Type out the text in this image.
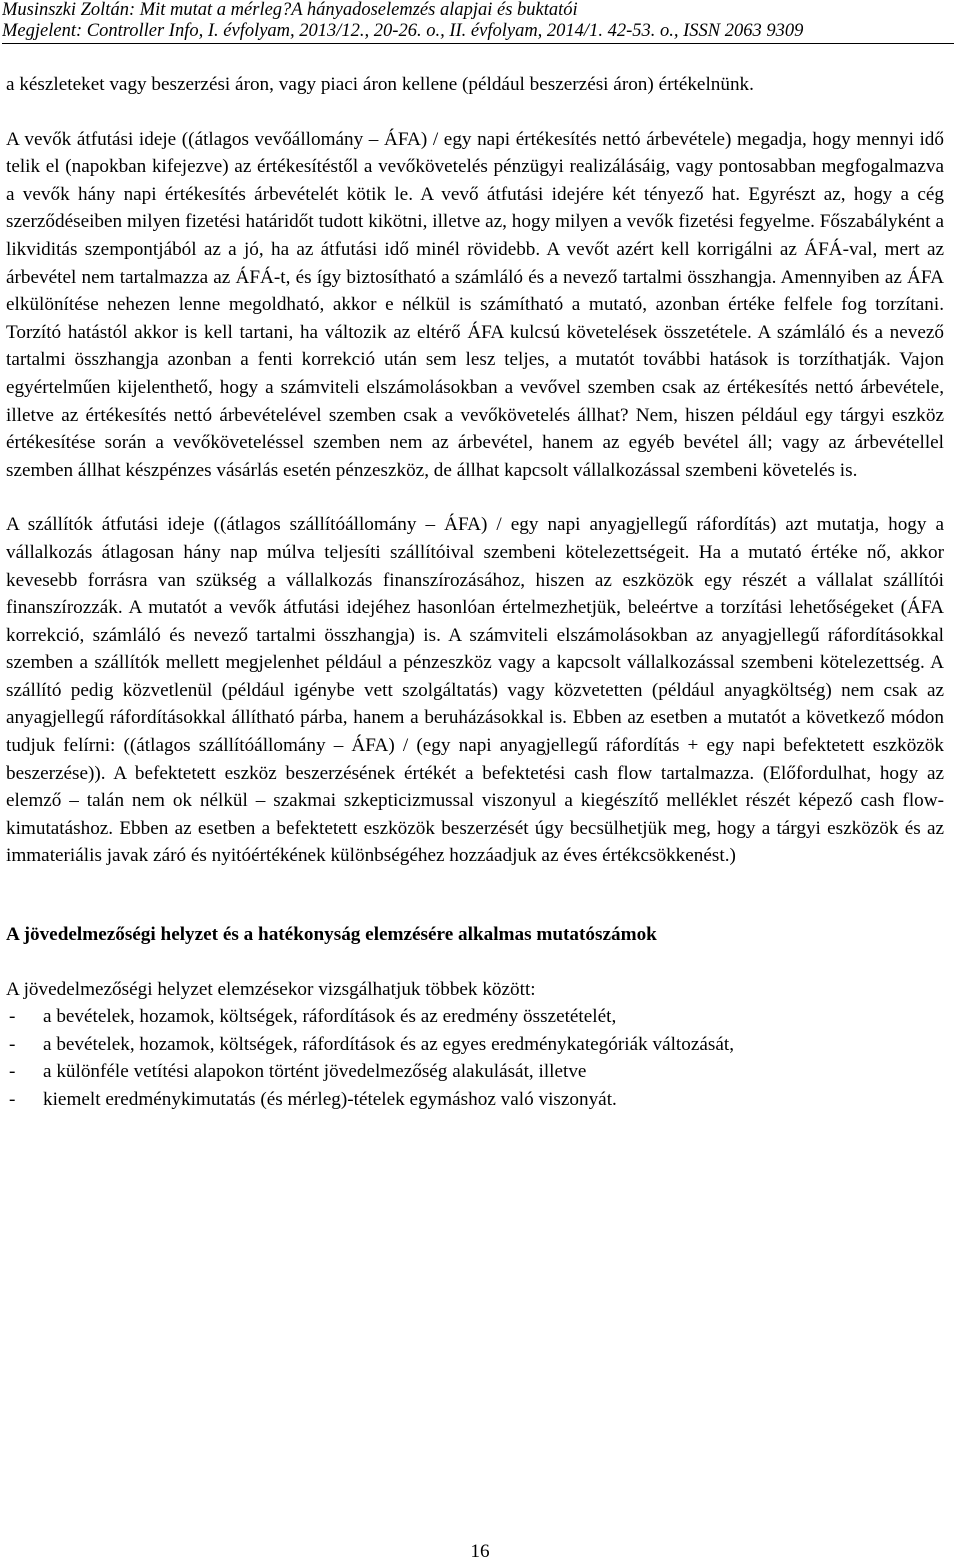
Musinszki Zoltán: Mit mutat a mérleg?A hányadoselemzés alapjai és buktatói
Megjelent: Controller Info, I. évfolyam, 2013/12., 20-26. o., II. évfolyam, 2014/1. 42-53. o., ISSN 2063 9309

a készleteket vagy beszerzési áron, vagy piaci áron kellene (például beszerzési áron) értékelnünk.

A vevők átfutási ideje ((átlagos vevőállomány – ÁFA) / egy napi értékesítés nettó árbevétele) megadja, hogy mennyi idő telik el (napokban kifejezve) az értékesítéstől a vevőkövetelés pénzügyi realizálásáig, vagy pontosabban megfogalmazva a vevők hány napi értékesítés árbevételét kötik le. A vevő átfutási idejére két tényező hat. Egyrészt az, hogy a cég szerződéseiben milyen fizetési határidőt tudott kikötni, illetve az, hogy milyen a vevők fizetési fegyelme. Főszabályként a likviditás szempontjából az a jó, ha az átfutási idő minél rövidebb. A vevőt azért kell korrigálni az ÁFÁ-val, mert az árbevétel nem tartalmazza az ÁFÁ-t, és így biztosítható a számláló és a nevező tartalmi összhangja. Amennyiben az ÁFA elkülönítése nehezen lenne megoldható, akkor e nélkül is számítható a mutató, azonban értéke felfele fog torzítani. Torzító hatástól akkor is kell tartani, ha változik az eltérő ÁFA kulcsú követelések összetétele. A számláló és a nevező tartalmi összhangja azonban a fenti korrekció után sem lesz teljes, a mutatót további hatások is torzíthatják. Vajon egyértelműen kijelenthető, hogy a számviteli elszámolásokban a vevővel szemben csak az értékesítés nettó árbevétele, illetve az értékesítés nettó árbevételével szemben csak a vevőkövetelés állhat? Nem, hiszen például egy tárgyi eszköz értékesítése során a vevőköveteléssel szemben nem az árbevétel, hanem az egyéb bevétel áll; vagy az árbevétellel szemben állhat készpénzes vásárlás esetén pénzeszköz, de állhat kapcsolt vállalkozással szembeni követelés is.

A szállítók átfutási ideje ((átlagos szállítóállomány – ÁFA) / egy napi anyagjellegű ráfordítás) azt mutatja, hogy a vállalkozás átlagosan hány nap múlva teljesíti szállítóival szembeni kötelezettségeit. Ha a mutató értéke nő, akkor kevesebb forrásra van szükség a vállalkozás finanszírozásához, hiszen az eszközök egy részét a vállalat szállítói finanszírozzák. A mutatót a vevők átfutási idejéhez hasonlóan értelmezhetjük, beleértve a torzítási lehetőségeket (ÁFA korrekció, számláló és nevező tartalmi összhangja) is. A számviteli elszámolásokban az anyagjellegű ráfordításokkal szemben a szállítók mellett megjelenhet például a pénzeszköz vagy a kapcsolt vállalkozással szembeni kötelezettség. A szállító pedig közvetlenül (például igénybe vett szolgáltatás) vagy közvetetten (például anyagköltség) nem csak az anyagjellegű ráfordításokkal állítható párba, hanem a beruházásokkal is. Ebben az esetben a mutatót a következő módon tudjuk felírni: ((átlagos szállítóállomány – ÁFA) / (egy napi anyagjellegű ráfordítás + egy napi befektetett eszközök beszerzése)). A befektetett eszköz beszerzésének értékét a befektetési cash flow tartalmazza. (Előfordulhat, hogy az elemző – talán nem ok nélkül – szakmai szkepticizmussal viszonyul a kiegészítő melléklet részét képező cash flow-kimutatáshoz. Ebben az esetben a befektetett eszközök beszerzését úgy becsülhetjük meg, hogy a tárgyi eszközök és az immateriális javak záró és nyitóértékének különbségéhez hozzáadjuk az éves értékcsökkenést.)

A jövedelmezőségi helyzet és a hatékonyság elemzésére alkalmas mutatószámok

A jövedelmezőségi helyzet elemzésekor vizsgálhatjuk többek között:

-	a bevételek, hozamok, költségek, ráfordítások és az eredmény összetételét,
-	a bevételek, hozamok, költségek, ráfordítások és az egyes eredménykategóriák változását,
-	a különféle vetítési alapokon történt jövedelmezőség alakulását, illetve
-	kiemelt eredménykimutatás (és mérleg)-tételek egymáshoz való viszonyát.
16
